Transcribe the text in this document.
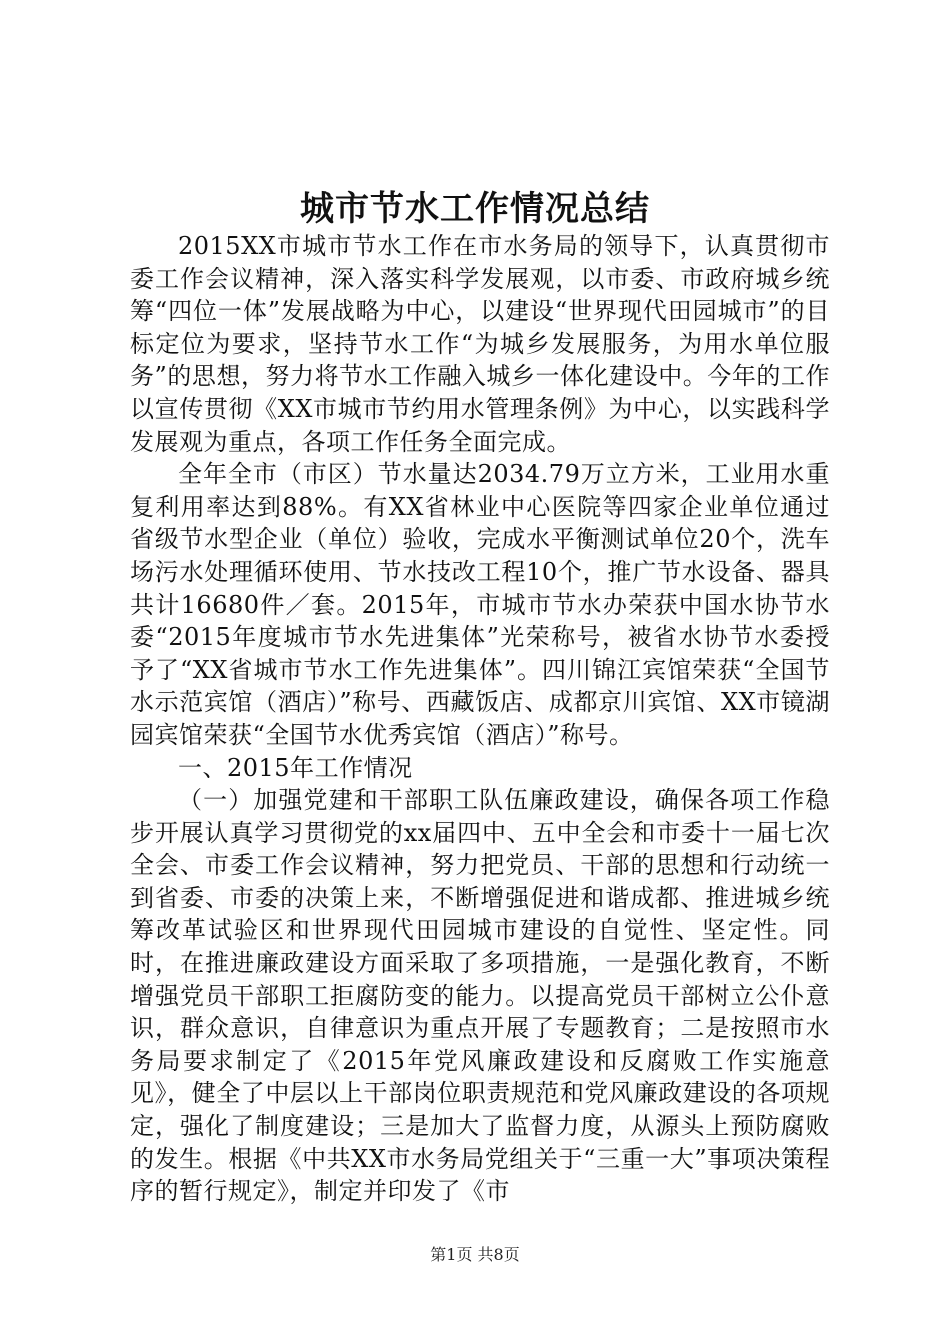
城市节水工作情况总结

2015XX市城市节水工作在市水务局的领导下，认真贯彻市委工作会议精神，深入落实科学发展观，以市委、市政府城乡统筹“四位一体”发展战略为中心，以建设“世界现代田园城市”的目标定位为要求，坚持节水工作“为城乡发展服务，为用水单位服务”的思想，努力将节水工作融入城乡一体化建设中。今年的工作以宣传贯彻《XX市城市节约用水管理条例》为中心，以实践科学发展观为重点，各项工作任务全面完成。

全年全市（市区）节水量达2034.79万立方米，工业用水重复利用率达到88%。有XX省林业中心医院等四家企业单位通过省级节水型企业（单位）验收，完成水平衡测试单位20个，洗车场污水处理循环使用、节水技改工程10个，推广节水设备、器具共计16680件／套。2015年，市城市节水办荣获中国水协节水委“2015年度城市节水先进集体”光荣称号，被省水协节水委授予了“XX省城市节水工作先进集体”。四川锦江宾馆荣获“全国节水示范宾馆（酒店）”称号、西藏饭店、成都京川宾馆、XX市镜湖园宾馆荣获“全国节水优秀宾馆（酒店）”称号。

一、2015年工作情况

（一）加强党建和干部职工队伍廉政建设，确保各项工作稳步开展认真学习贯彻党的xx届四中、五中全会和市委十一届七次全会、市委工作会议精神，努力把党员、干部的思想和行动统一到省委、市委的决策上来，不断增强促进和谐成都、推进城乡统筹改革试验区和世界现代田园城市建设的自觉性、坚定性。同时，在推进廉政建设方面采取了多项措施，一是强化教育，不断增强党员干部职工拒腐防变的能力。以提高党员干部树立公仆意识，群众意识，自律意识为重点开展了专题教育；二是按照市水务局要求制定了《2015年党风廉政建设和反腐败工作实施意见》，健全了中层以上干部岗位职责规范和党风廉政建设的各项规定，强化了制度建设；三是加大了监督力度，从源头上预防腐败的发生。根据《中共XX市水务局党组关于“三重一大”事项决策程序的暂行规定》，制定并印发了《市

第1页 共8页
